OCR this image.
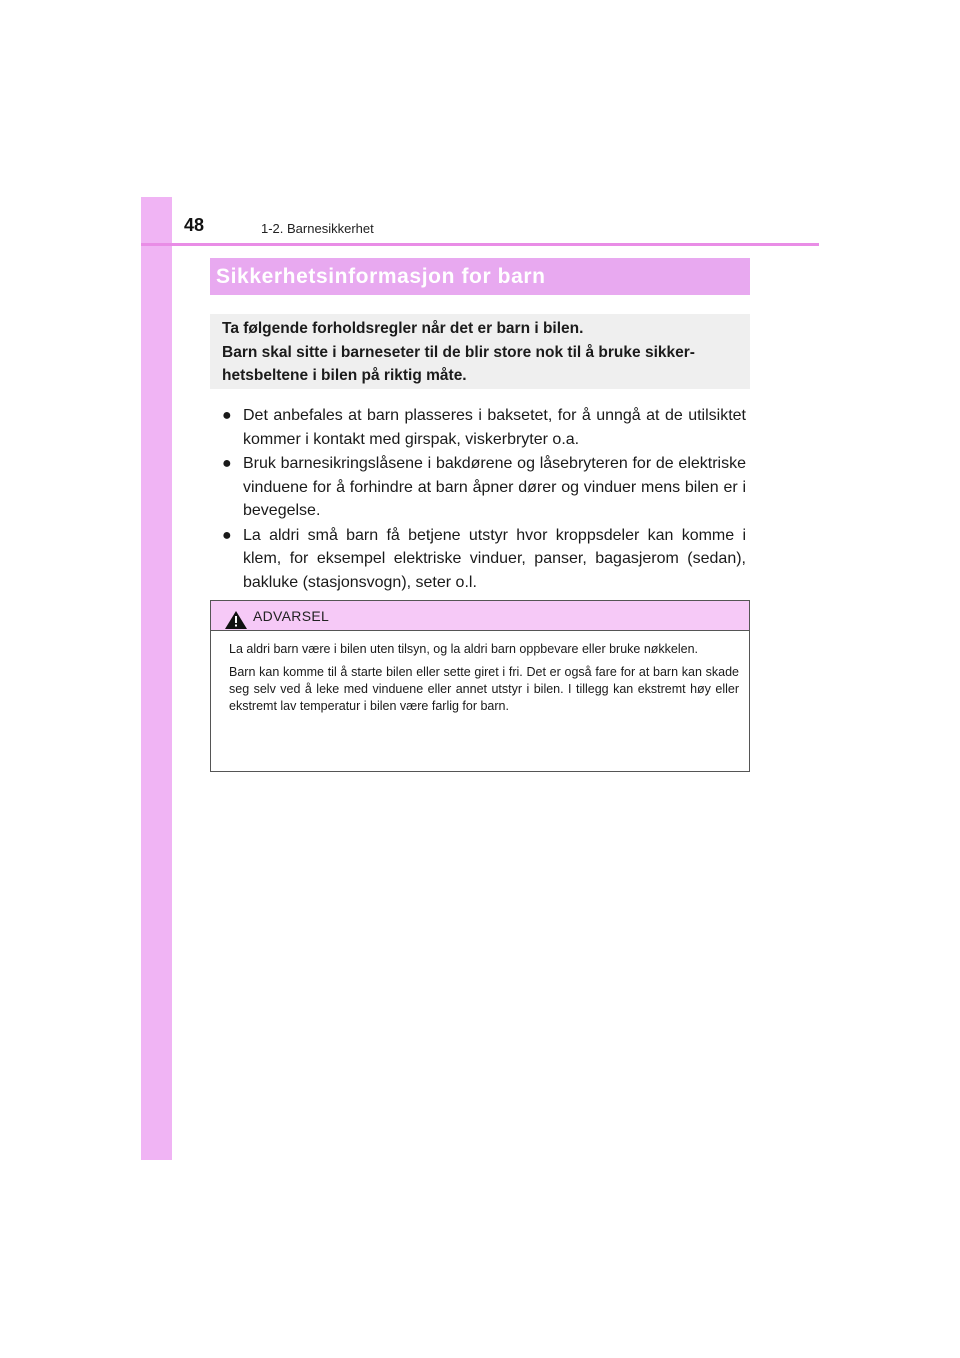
48	1-2. Barnesikkerhet
Sikkerhetsinformasjon for barn
Ta følgende forholdsregler når det er barn i bilen.
Barn skal sitte i barneseter til de blir store nok til å bruke sikker-
hetsbeltene i bilen på riktig måte.
● Det anbefales at barn plasseres i baksetet, for å unngå at de utilsiktet kommer i kontakt med girspak, viskerbryter o.a.
● Bruk barnesikringslåsene i bakdørene og låsebryteren for de elektriske vinduene for å forhindre at barn åpner dører og vinduer mens bilen er i bevegelse.
● La aldri små barn få betjene utstyr hvor kroppsdeler kan komme i klem, for eksempel elektriske vinduer, panser, bagasjerom (sedan), bakluke (stasjonsvogn), seter o.l.
ADVARSEL

La aldri barn være i bilen uten tilsyn, og la aldri barn oppbevare eller bruke nøkkelen.

Barn kan komme til å starte bilen eller sette giret i fri. Det er også fare for at barn kan skade seg selv ved å leke med vinduene eller annet utstyr i bilen. I tillegg kan ekstremt høy eller ekstremt lav temperatur i bilen være farlig for barn.
